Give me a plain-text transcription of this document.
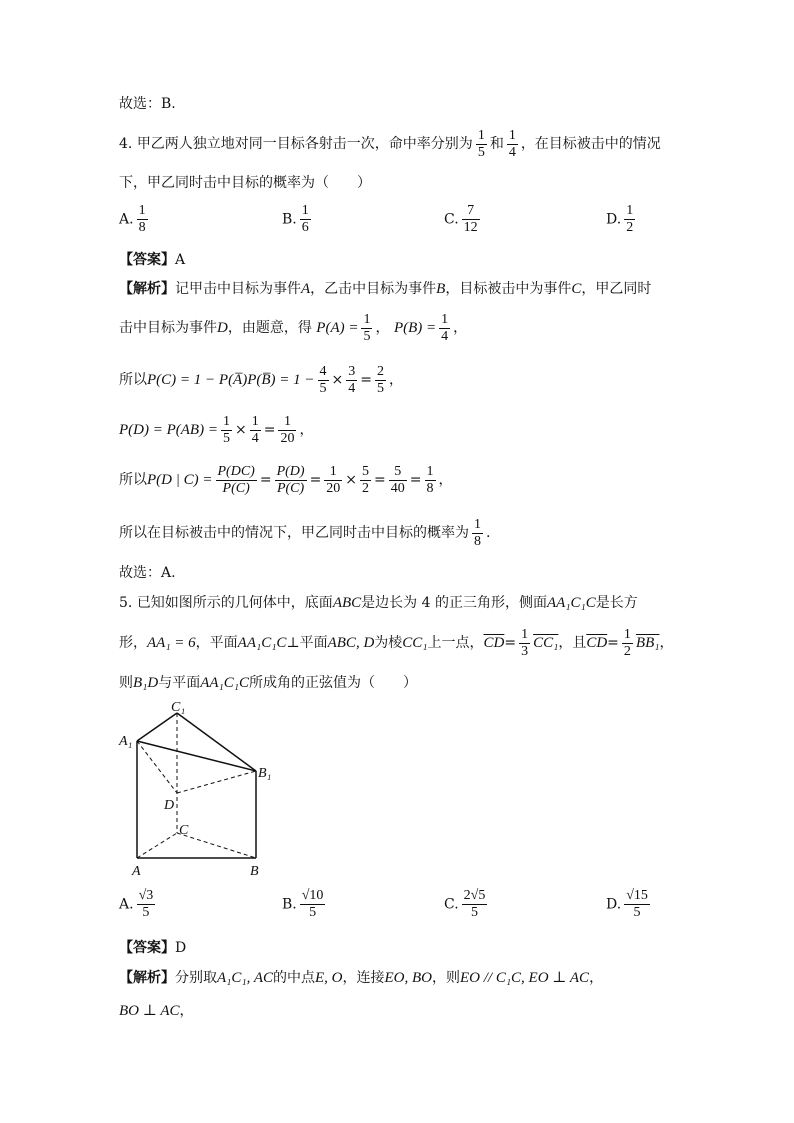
故选：B.
4. 甲乙两人独立地对同一目标各射击一次，命中率分别为 $\frac{1}{5}$ 和 $\frac{1}{4}$ ，在目标被击中的情况
下，甲乙同时击中目标的概率为（　　）
A. $\frac{1}{8}$	B. $\frac{1}{6}$	C. $\frac{7}{12}$	D. $\frac{1}{2}$
【答案】A
【解析】记甲击中目标为事件A，乙击中目标为事件B，目标被击中为事件C，甲乙同时
击中目标为事件D，由题意，得 $P(A) = \frac{1}{5}$ ， $P(B) = \frac{1}{4}$ ，
所以P(C) = 1 − P(A̅)P(B̅) = $1 - \frac{4}{5} \times \frac{3}{4} = \frac{2}{5}$ ，
$P(D) = P(AB) = \frac{1}{5} \times \frac{1}{4} = \frac{1}{20}$ ，
所以P(D | $C) = \frac{P(DC)}{P(C)} = \frac{P(D)}{P(C)} = \frac{1}{20} \times \frac{5}{2} = \frac{5}{40} = \frac{1}{8}$ ，
所以在目标被击中的情况下，甲乙同时击中目标的概率为 $\frac{1}{8}$ .
故选：A.
5. 已知如图所示的几何体中，底面ABC是边长为 4 的正三角形，侧面AA₁C₁C是长方
形，AA₁ = 6，平面AA₁C₁C⊥平面ABC, D为棱CC₁上一点，$\overline{CD}= \frac{1}{3} CC_1$，且$\overline{CD}= \frac{1}{2} BB_1$，
则B₁D与平面AA₁C₁C所成角的正弦值为（　　）
C₁
A₁
B₁
D
C
A	B
A. $\frac{√3}{5}$	B. $\frac{√10}{5}$	C. $\frac{2√5}{5}$	D. $\frac{√15}{5}$
【答案】D
【解析】分别取A₁C₁, AC的中点E, O，连接EO, BO，则EO // C₁C, EO ⊥ AC，
BO ⊥ AC，
